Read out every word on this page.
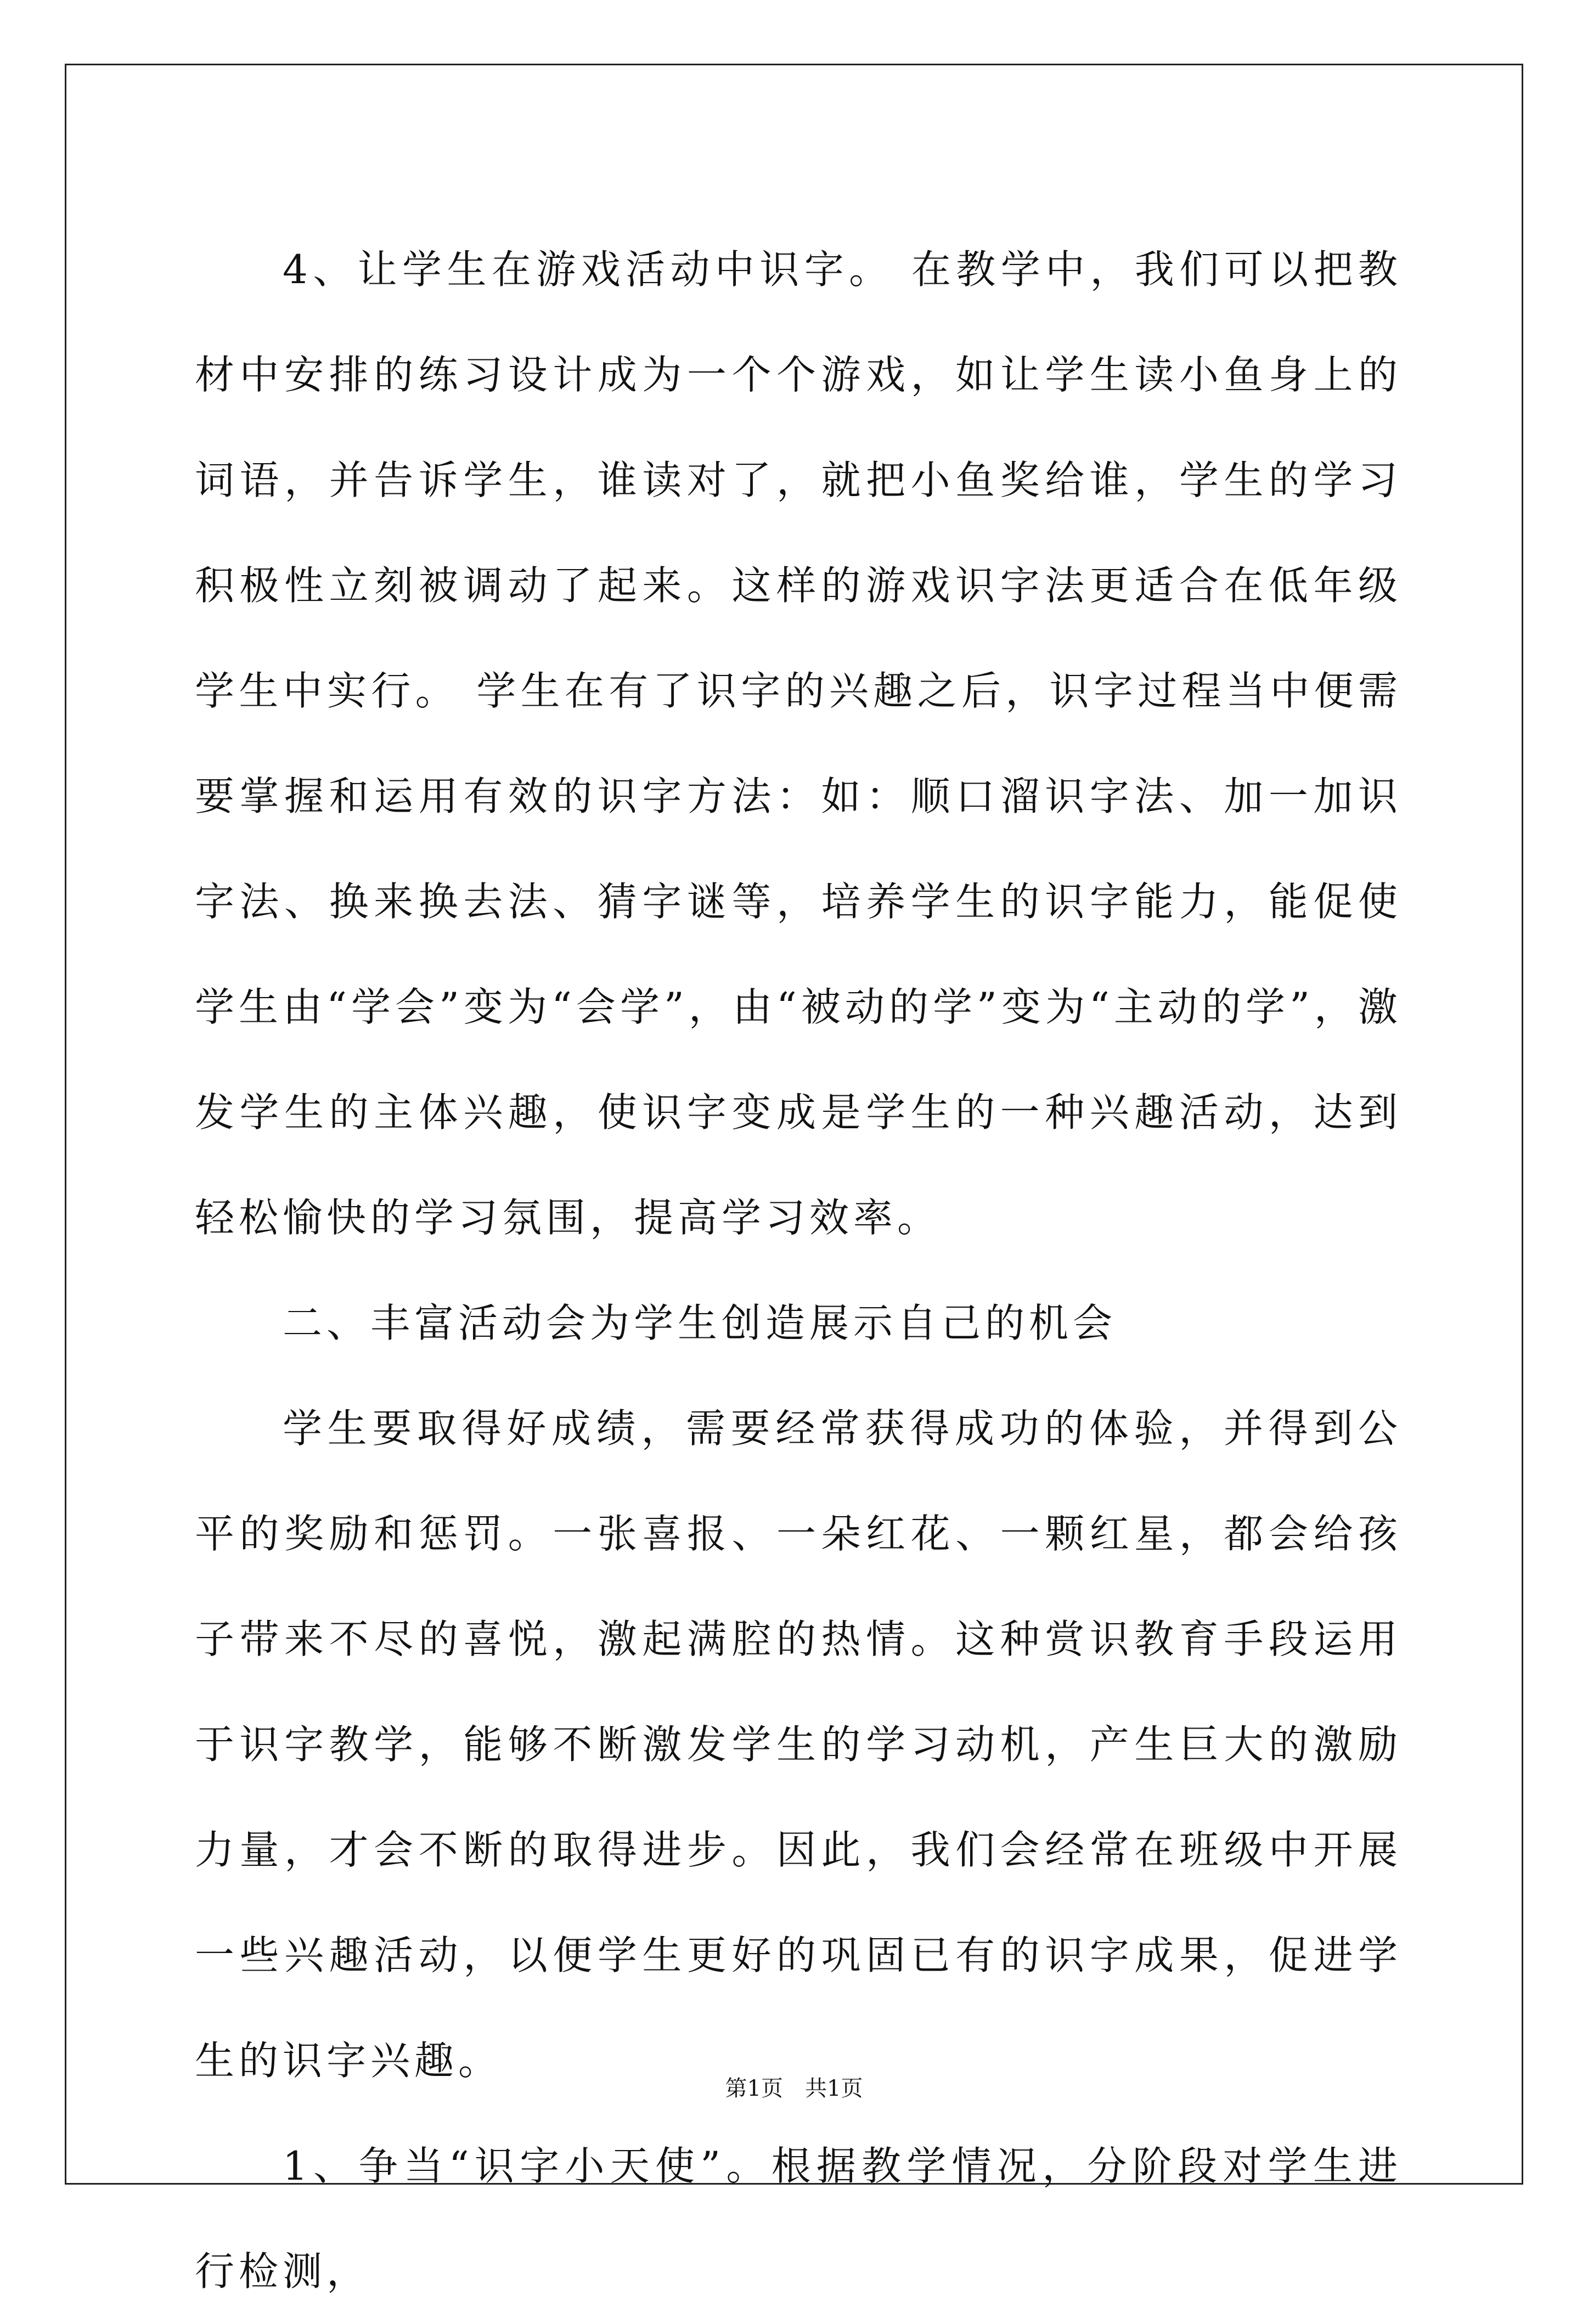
4、让学生在游戏活动中识字。 在教学中，我们可以把教材中安排的练习设计成为一个个游戏，如让学生读小鱼身上的词语，并告诉学生，谁读对了，就把小鱼奖给谁，学生的学习积极性立刻被调动了起来。这样的游戏识字法更适合在低年级学生中实行。 学生在有了识字的兴趣之后，识字过程当中便需要掌握和运用有效的识字方法：如：顺口溜识字法、加一加识字法、换来换去法、猜字谜等，培养学生的识字能力，能促使学生由“学会”变为“会学”，由“被动的学”变为“主动的学”，激发学生的主体兴趣，使识字变成是学生的一种兴趣活动，达到轻松愉快的学习氛围，提高学习效率。

二、丰富活动会为学生创造展示自己的机会

学生要取得好成绩，需要经常获得成功的体验，并得到公平的奖励和惩罚。一张喜报、一朵红花、一颗红星，都会给孩子带来不尽的喜悦，激起满腔的热情。这种赏识教育手段运用于识字教学，能够不断激发学生的学习动机，产生巨大的激励力量，才会不断的取得进步。因此，我们会经常在班级中开展一些兴趣活动，以便学生更好的巩固已有的识字成果，促进学生的识字兴趣。

1、争当“识字小天使”。根据教学情况，分阶段对学生进行检测，

第1页 共1页
